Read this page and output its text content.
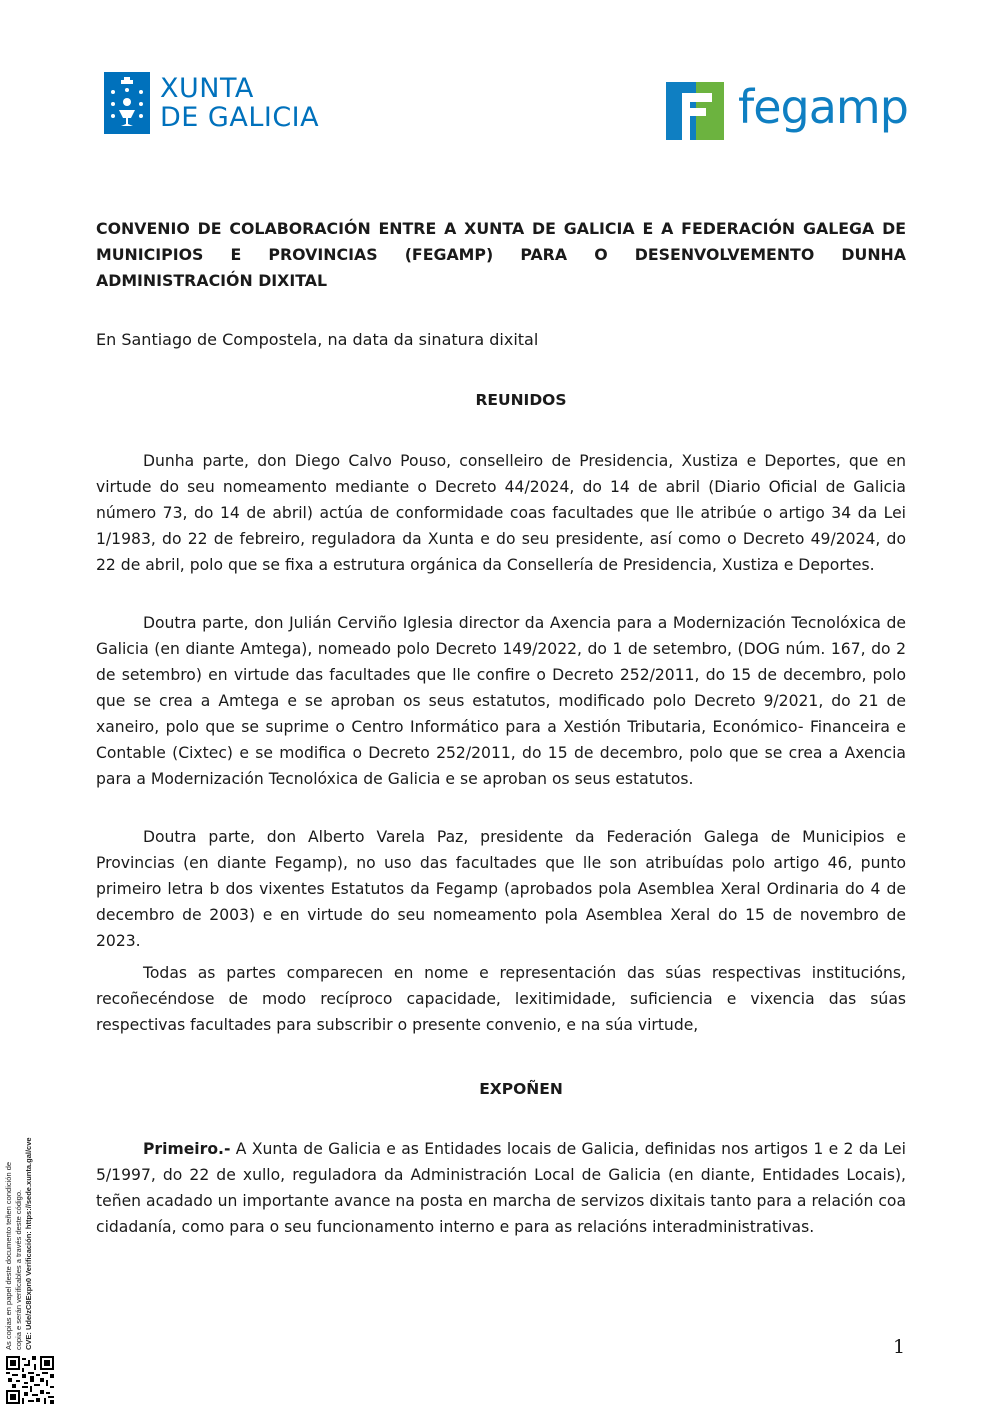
XUNTA
DE GALICIA	fegamp
CONVENIO DE COLABORACIÓN ENTRE A XUNTA DE GALICIA E A FEDERACIÓN GALEGA DE MUNICIPIOS E PROVINCIAS (FEGAMP) PARA O DESENVOLVEMENTO DUNHA ADMINISTRACIÓN DIXITAL
En Santiago de Compostela, na data da sinatura dixital
REUNIDOS
Dunha parte, don Diego Calvo Pouso, conselleiro de Presidencia, Xustiza e Deportes, que en virtude do seu nomeamento mediante o Decreto 44/2024, do 14 de abril (Diario Oficial de Galicia número 73, do 14 de abril) actúa de conformidade coas facultades que lle atribúe o artigo 34 da Lei 1/1983, do 22 de febreiro, reguladora da Xunta e do seu presidente, así como o Decreto 49/2024, do 22 de abril, polo que se fixa a estrutura orgánica da Consellería de Presidencia, Xustiza e Deportes.
Doutra parte, don Julián Cerviño Iglesia director da Axencia para a Modernización Tecnolóxica de Galicia (en diante Amtega), nomeado polo Decreto 149/2022, do 1 de setembro, (DOG núm. 167, do 2 de setembro) en virtude das facultades que lle confire o Decreto 252/2011, do 15 de decembro, polo que se crea a Amtega e se aproban os seus estatutos, modificado polo Decreto 9/2021, do 21 de xaneiro, polo que se suprime o Centro Informático para a Xestión Tributaria, Económico- Financeira e Contable (Cixtec) e se modifica o Decreto 252/2011, do 15 de decembro, polo que se crea a Axencia para a Modernización Tecnolóxica de Galicia e se aproban os seus estatutos.
Doutra parte, don Alberto Varela Paz, presidente da Federación Galega de Municipios e Provincias (en diante Fegamp), no uso das facultades que lle son atribuídas polo artigo 46, punto primeiro letra b dos vixentes Estatutos da Fegamp (aprobados pola Asemblea Xeral Ordinaria do 4 de decembro de 2003) e en virtude do seu nomeamento pola Asemblea Xeral do 15 de novembro de 2023.
Todas as partes comparecen en nome e representación das súas respectivas institucións, recoñecéndose de modo recíproco capacidade, lexitimidade, suficiencia e vixencia das súas respectivas facultades para subscribir o presente convenio, e na súa virtude,
EXPOÑEN
Primeiro.- A Xunta de Galicia e as Entidades locais de Galicia, definidas nos artigos 1 e 2 da Lei 5/1997, do 22 de xullo, reguladora da Administración Local de Galicia (en diante, Entidades Locais), teñen acadado un importante avance na posta en marcha de servizos dixitais tanto para a relación coa cidadanía, como para o seu funcionamento interno e para as relacións interadministrativas.
1
As copias en papel deste documento teñen condición de copia e serán verificables a través deste código. CVE: Ude/zC8Expn0 Verificación: https://sede.xunta.gal/cve
